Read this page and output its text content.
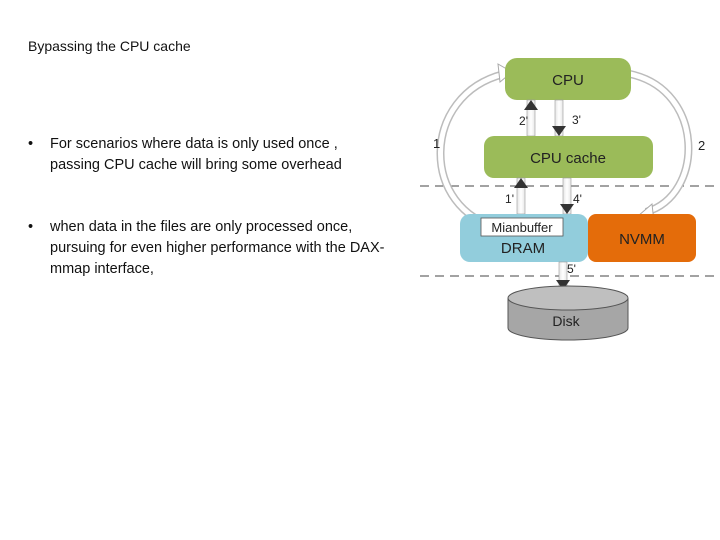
Bypassing the CPU cache
• For scenarios where data is only used once , passing CPU cache will bring some overhead
• when data in the files are only processed once, pursuing for even higher performance with the DAX-mmap interface,
CPU
2'	3'
CPU cache
1'	4'
Mianbuffer
DRAM
NVMM
5'
Disk
1	2
